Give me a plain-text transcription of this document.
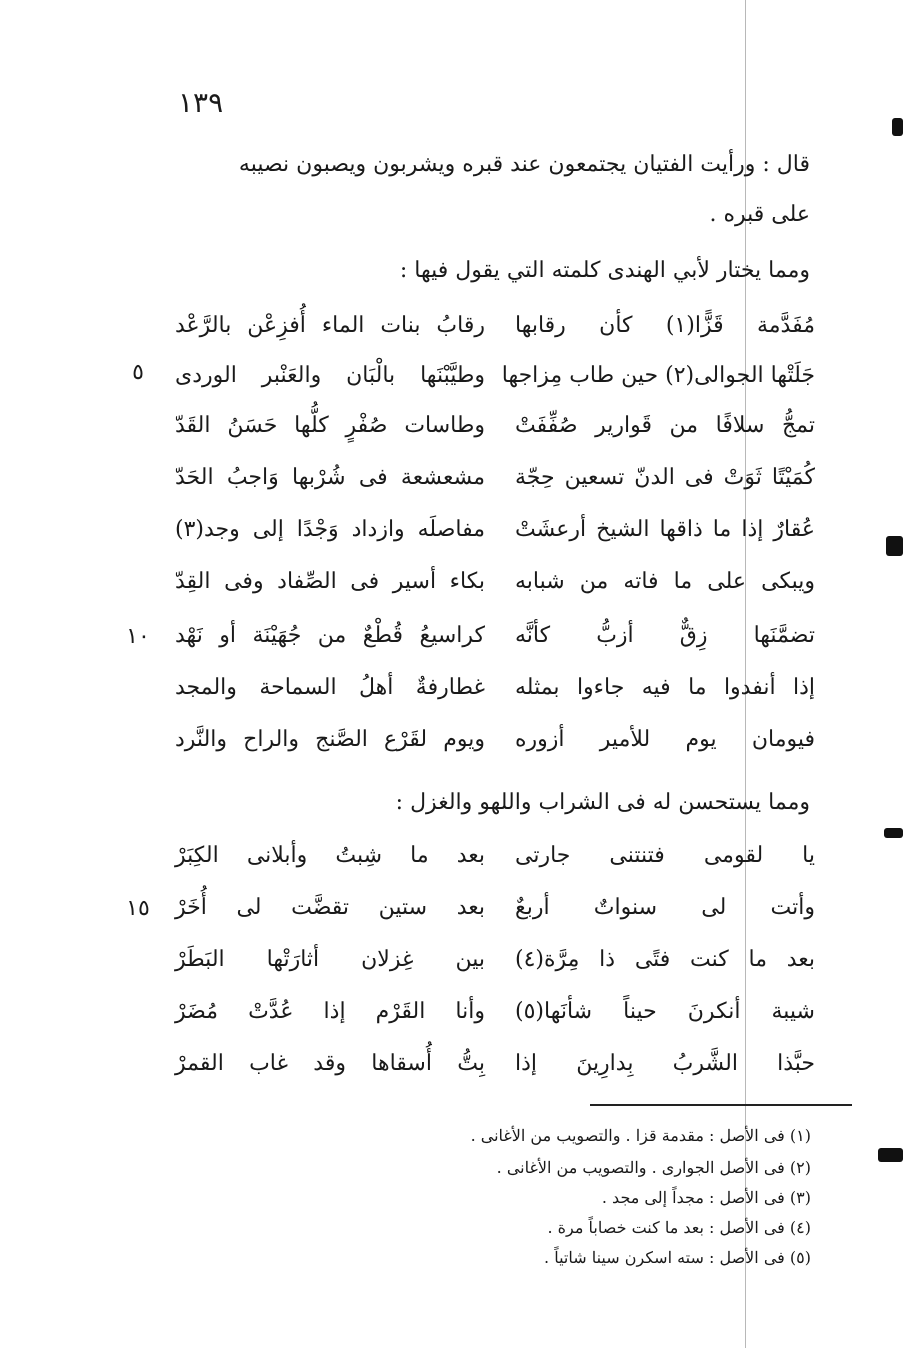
١٣٩
قال : ورأيت الفتيان يجتمعون عند قبره ويشربون ويصبون نصيبه
على قبره .
ومما يختار لأبي الهندى كلمته التي يقول فيها :
مُفَدَّمة قَزًّا(١) كأن رقابها
رقابُ بنات الماء أُفزِعْن بالرَّعْد
جَلَتْها الجوالى(٢) حين طاب مِزاجها
وطيَّبْنَها بالْبَان والعَنْبر الوردى
٥
تمجُّ سلافًا من قَوارير صُفِّفَتْ
وطاسات صُفْرٍ كلُّها حَسَنُ القَدّ
كُمَيْتًا ثَوَتْ فى الدنّ تسعين حِجّة
مشعشعة فى شُرْبها وَاجبُ الحَدّ
عُقارٌ إذا ما ذاقها الشيخ أرعشَتْ
مفاصلَه وازداد وَجْدًا إلى وجد(٣)
ويبكى على ما فاته من شبابه
بكاء أسير فى الصِّفاد وفى القِدّ
تضمَّنَها زِقٌّ أزبُّ كأنَّه
كراسيعُ قُطْعٌ من جُهَيْنَة أو نَهْد
١٠
إذا أنفدوا ما فيه جاءوا بمثله
غطارفةٌ أهلُ السماحة والمجد
فيومان يوم للأمير أزوره
ويوم لقَرْع الصَّنج والراح والنَّرد
ومما يستحسن له فى الشراب واللهو والغزل :
يا لقومى فتنتنى جارتى
بعد ما شِبتُ وأبلانى الكِبَرْ
وأتت لى سنواتٌ أربعٌ
بعد ستين تقضَّت لى أُخَرْ
١٥
بعد ما كنت فتًى ذا مِرَّة(٤)
بين غِزلان أثارَتْها البَطَرْ
شيبة أنكرنَ حيناً شأنَها(٥)
وأنا القَرْم إذا عُدَّتْ مُضَرْ
حبَّذا الشَّربُ بِدارِينَ إذا
بِتُّ أُسقاها وقد غاب القمرْ
(١) فى الأصل : مقدمة قزا . والتصويب من الأغانى .
(٢) فى الأصل الجوارى . والتصويب من الأغانى .
(٣) فى الأصل : مجداً إلى مجد .
(٤) فى الأصل : بعد ما كنت خصاباً مرة .
(٥) فى الأصل : سته اسكرن سينا شاتياً .
